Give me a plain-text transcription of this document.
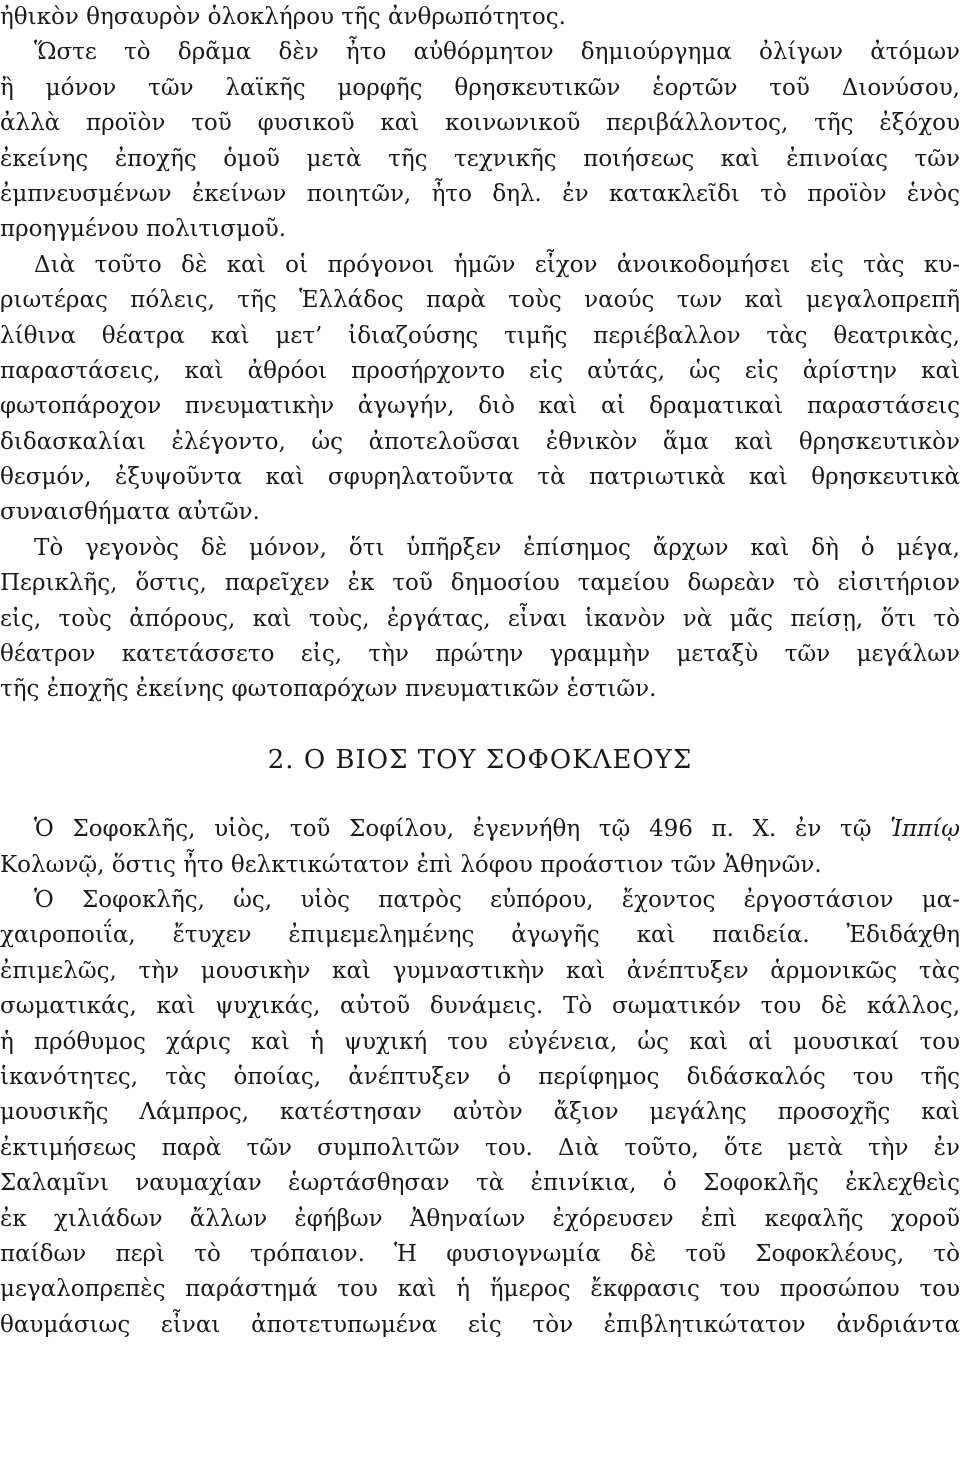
ἠθικὸν θησαυρὸν ὁλοκλήρου τῆς ἀνθρωπότητος.
Ὥστε τὸ δρᾶμα δὲν ἦτο αὐθόρμητον δημιούργημα ὀλίγων ἀτόμων
ἢ μόνον τῶν λαϊκῆς μορφῆς θρησκευτικῶν ἑορτῶν τοῦ Διονύσου,
ἀλλὰ προϊὸν τοῦ φυσικοῦ καὶ κοινωνικοῦ περιβάλλοντος, τῆς ἐξόχου
ἐκείνης ἐποχῆς ὁμοῦ μετὰ τῆς τεχνικῆς ποιήσεως καὶ ἐπινοίας τῶν
ἐμπνευσμένων ἐκείνων ποιητῶν, ἦτο δηλ. ἐν κατακλεῖδι τὸ προϊὸν ἑνὸς
προηγμένου πολιτισμοῦ.
Διὰ τοῦτο δὲ καὶ οἱ πρόγονοι ἡμῶν εἶχον ἀνοικοδομήσει εἰς τὰς κυ-
ριωτέρας πόλεις, τῆς Ἑλλάδος παρὰ τοὺς ναούς των καὶ μεγαλοπρεπῆ
λίθινα θέατρα καὶ μετ’ ἰδιαζούσης τιμῆς περιέβαλλον τὰς θεατρικὰς,
παραστάσεις, καὶ ἀθρόοι προσήρχοντο εἰς αὐτάς, ὡς εἰς ἀρίστην καὶ
φωτοπάροχον πνευματικὴν ἀγωγήν, διὸ καὶ αἱ δραματικαὶ παραστάσεις
διδασκαλίαι ἐλέγοντο, ὡς ἀποτελοῦσαι ἐθνικὸν ἅμα καὶ θρησκευτικὸν
θεσμόν, ἐξυψοῦντα καὶ σφυρηλατοῦντα τὰ πατριωτικὰ καὶ θρησκευτικὰ
συναισθήματα αὐτῶν.
Τὸ γεγονὸς δὲ μόνον, ὅτι ὑπῆρξεν ἐπίσημος ἄρχων καὶ δὴ ὁ μέγα,
Περικλῆς, ὅστις, παρεῖχεν ἐκ τοῦ δημοσίου ταμείου δωρεὰν τὸ εἰσιτήριον
εἰς, τοὺς ἀπόρους, καὶ τοὺς, ἐργάτας, εἶναι ἱκανὸν νὰ μᾶς πείσῃ, ὅτι τὸ
θέατρον κατετάσσετο εἰς, τὴν πρώτην γραμμὴν μεταξὺ τῶν μεγάλων
τῆς ἐποχῆς ἐκείνης φωτοπαρόχων πνευματικῶν ἑστιῶν.
2. Ο ΒΙΟΣ ΤΟΥ ΣΟΦΟΚΛΕΟΥΣ
Ὁ Σοφοκλῆς, υἱὸς, τοῦ Σοφίλου, ἐγεννήθη τῷ 496 π. Χ. ἐν τῷ Ἱππίῳ
Κολωνῷ, ὅστις ἦτο θελκτικώτατον ἐπὶ λόφου προάστιον τῶν Ἀθηνῶν.
Ὁ Σοφοκλῆς, ὡς, υἱὸς πατρὸς εὐπόρου, ἔχοντος ἐργοστάσιον μα-
χαιροποιΐα, ἔτυχεν ἐπιμεμελημένης ἀγωγῆς καὶ παιδεία. Ἐδιδάχθη
ἐπιμελῶς, τὴν μουσικὴν καὶ γυμναστικὴν καὶ ἀνέπτυξεν ἁρμονικῶς τὰς
σωματικάς, καὶ ψυχικάς, αὐτοῦ δυνάμεις. Τὸ σωματικόν του δὲ κάλλος,
ἡ πρόθυμος χάρις καὶ ἡ ψυχική του εὐγένεια, ὡς καὶ αἱ μουσικαί του
ἱκανότητες, τὰς ὁποίας, ἀνέπτυξεν ὁ περίφημος διδάσκαλός του τῆς
μουσικῆς Λάμπρος, κατέστησαν αὐτὸν ἄξιον μεγάλης προσοχῆς καὶ
ἐκτιμήσεως παρὰ τῶν συμπολιτῶν του. Διὰ τοῦτο, ὅτε μετὰ τὴν ἐν
Σαλαμῖνι ναυμαχίαν ἑωρτάσθησαν τὰ ἐπινίκια, ὁ Σοφοκλῆς ἐκλεχθεὶς
ἐκ χιλιάδων ἄλλων ἐφήβων Ἀθηναίων ἐχόρευσεν ἐπὶ κεφαλῆς χοροῦ
παίδων περὶ τὸ τρόπαιον. Ἡ φυσιογνωμία δὲ τοῦ Σοφοκλέους, τὸ
μεγαλοπρεπὲς παράστημά του καὶ ἡ ἥμερος ἔκφρασις του προσώπου του
θαυμάσιως εἶναι ἀποτετυπωμένα εἰς τὸν ἐπιβλητικώτατον ἀνδριάντα
